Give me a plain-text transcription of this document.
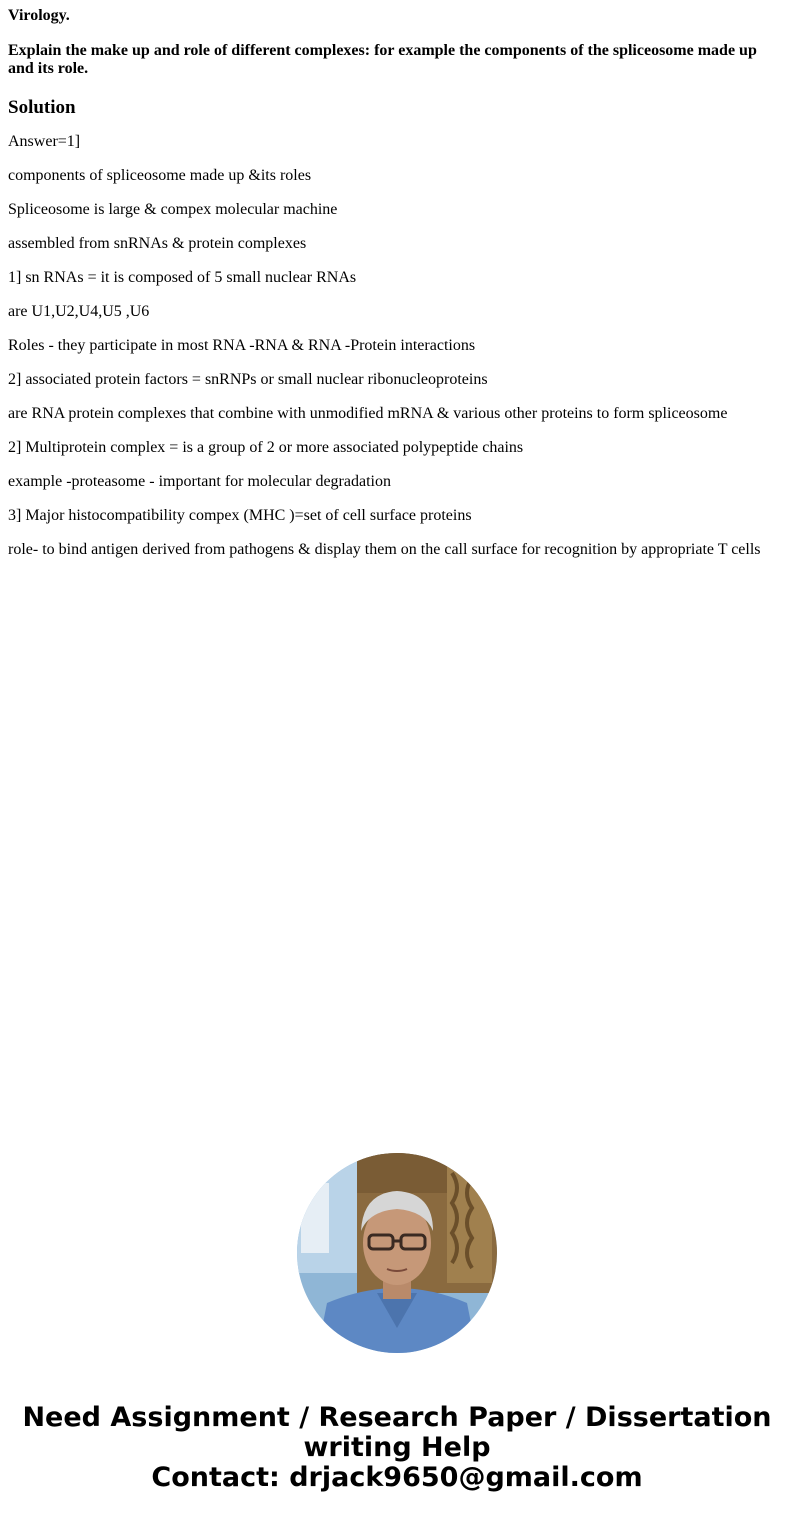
Virology.
Explain the make up and role of different complexes: for example the components of the spliceosome made up and its role.
Solution
Answer=1]
components of spliceosome made up &its roles
Spliceosome is large & compex molecular machine
assembled from snRNAs & protein complexes
1] sn RNAs = it is composed of 5 small nuclear RNAs
are U1,U2,U4,U5 ,U6
Roles - they participate in most RNA -RNA & RNA -Protein interactions
2] associated protein factors = snRNPs or small nuclear ribonucleoproteins
are RNA protein complexes that combine with unmodified mRNA & various other proteins to form spliceosome
2] Multiprotein complex = is a group of 2 or more associated polypeptide chains
example -proteasome - important for molecular degradation
3] Major histocompatibility compex (MHC )=set of cell surface proteins
role- to bind antigen derived from pathogens & display them on the call surface for recognition by appropriate T cells
Need Assignment / Research Paper / Dissertation
writing Help
Contact: drjack9650@gmail.com
